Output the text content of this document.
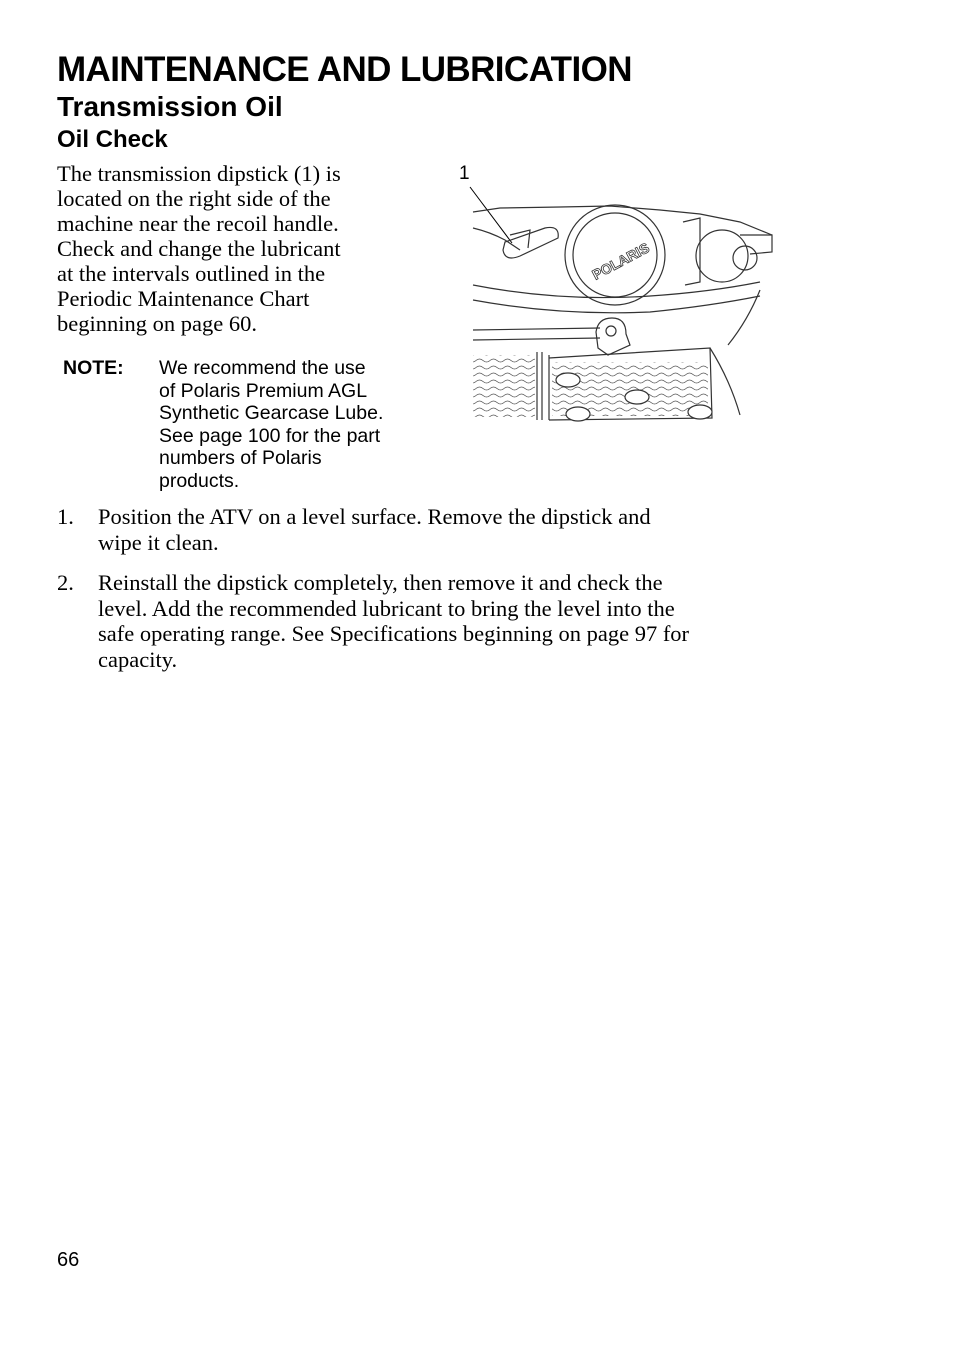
MAINTENANCE AND LUBRICATION
Transmission Oil
Oil Check
The transmission dipstick (1) is
located on the right side of the
machine near the recoil handle.
Check and change the lubricant
at the intervals outlined in the
Periodic Maintenance Chart
beginning on page 60.
NOTE: We recommend the use
of Polaris Premium AGL
Synthetic Gearcase Lube.
See page 100 for the part
numbers of Polaris
products.
POLARIS
1
1. Position the ATV on a level surface. Remove the dipstick and
wipe it clean.
2. Reinstall the dipstick completely, then remove it and check the
level. Add the recommended lubricant to bring the level into the
safe operating range. See Specifications beginning on page 97 for
capacity.
66
